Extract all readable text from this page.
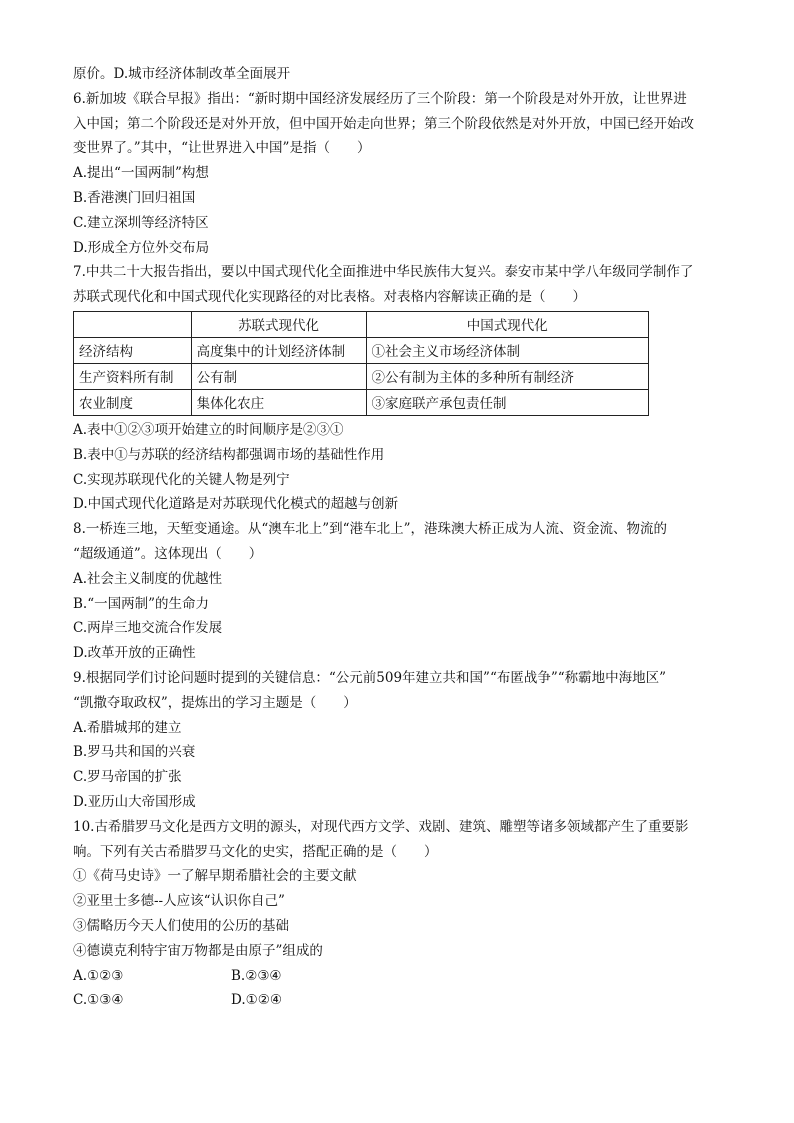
原价。D.城市经济体制改革全面展开
6.新加坡《联合早报》指出：“新时期中国经济发展经历了三个阶段：第一个阶段是对外开放，让世界进
入中国；第二个阶段还是对外开放，但中国开始走向世界；第三个阶段依然是对外开放，中国已经开始改
变世界了。”其中，“让世界进入中国”是指（　　）
A.提出“一国两制”构想
B.香港澳门回归祖国
C.建立深圳等经济特区
D.形成全方位外交布局
7.中共二十大报告指出，要以中国式现代化全面推进中华民族伟大复兴。泰安市某中学八年级同学制作了
苏联式现代化和中国式现代化实现路径的对比表格。对表格内容解读正确的是（　　）
	苏联式现代化	中国式现代化
经济结构	高度集中的计划经济体制	①社会主义市场经济体制
生产资料所有制	公有制	②公有制为主体的多种所有制经济
农业制度	集体化农庄	③家庭联产承包责任制
A.表中①②③项开始建立的时间顺序是②③①
B.表中①与苏联的经济结构都强调市场的基础性作用
C.实现苏联现代化的关键人物是列宁
D.中国式现代化道路是对苏联现代化模式的超越与创新
8.一桥连三地，天堑变通途。从“澳车北上”到“港车北上”，港珠澳大桥正成为人流、资金流、物流的
“超级通道”。这体现出（　　）
A.社会主义制度的优越性
B.“一国两制”的生命力
C.两岸三地交流合作发展
D.改革开放的正确性
9.根据同学们讨论问题时提到的关键信息：“公元前509年建立共和国”“布匿战争”“称霸地中海地区”
“凯撒夺取政权”，提炼出的学习主题是（　　）
A.希腊城邦的建立
B.罗马共和国的兴衰
C.罗马帝国的扩张
D.亚历山大帝国形成
10.古希腊罗马文化是西方文明的源头，对现代西方文学、戏剧、建筑、雕塑等诸多领域都产生了重要影
响。下列有关古希腊罗马文化的史实，搭配正确的是（　　）
①《荷马史诗》一了解早期希腊社会的主要文献
②亚里士多德--人应该“认识你自己”
③儒略历今天人们使用的公历的基础
④德谟克利特宇宙万物都是由原子”组成的
A.①②③	B.②③④
C.①③④	D.①②④
